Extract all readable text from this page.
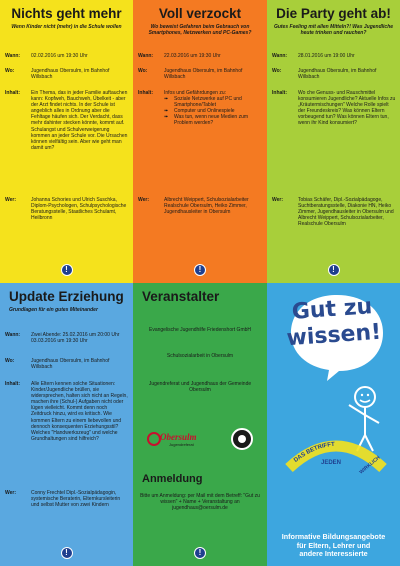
Nichts geht mehr
Wenn Kinder nicht (mehr) in die Schule wollen
Wann:	02.02.2016 um 19:30 Uhr
Wo:	Jugendhaus Obersulm, im Bahnhof Willsbach
Inhalt:	Ein Thema, das in jeder Familie auftauchen kann: Kopfweh, Bauchweh, Übelkeit - aber der Arzt findet nichts. In der Schule ist angeblich alles in Ordnung aber die Fehltage häufen sich. Der Verdacht, dass mehr dahinter stecken könnte, kommt auf. Schulangst und Schulverweigerung kommen an jeder Schule vor. Die Ursachen können vielfältig sein. Aber wie geht man damit um?
Wer:	Johanna Schories und Ulrich Suschka, Diplom-Psychologen, Schulpsychologische Beratungsstelle, Staatliches Schulamt, Heilbronn
!
Voll verzockt
Wo beweist Gefahren beim Gebrauch von Smartphones, Netzwerken und PC-Games?
Wann:	22.03.2016 um 19:30 Uhr
Wo:	Jugendhaus Obersulm, im Bahnhof Willsbach
Inhalt:	Infos und Gefährdungen zu:
➠ Soziale Netzwerke auf PC und Smartphone/Tablet
➠ Computer und Onlinespiele
➠ Was tun, wenn neue Medien zum Problem werden?
Wer:	Albrecht Weippert, Schulsozialarbeiter Realschule Obersulm, Heiko Zimmer, Jugendhausleiter in Obersulm
!
Die Party geht ab!
Gutes Feeling mit allen Mitteln?! Was Jugendliche heute trinken und rauchen?
Wann:	28.01.2016 um 19:00 Uhr
Wo:	Jugendhaus Obersulm, im Bahnhof Willsbach
Inhalt:	Wo che Genuss- und Rauschmittel konsumieren Jugendliche? Aktuelle Infos zu „Kräutermischungen" Welche Rolle spielt der Freundeskreis? Was können Eltern vorbeugend tun? Was können Eltern tun, wenn ihr Kind konsumiert?
Wer:	Tobias Schäfer, Dipl.-Sozialpädagoge, Suchtberatungsstelle, Diakonie HN, Heiko Zimmer, Jugendhausleiter in Obersulm und Albrecht Weippert, Schulsozialarbeiter, Realschule Obersulm
!
Update Erziehung
Grundlagen für ein gutes Miteinander
Wann:	Zwei Abende: 25.02.2016 um 20:00 Uhr 03.03.2016 um 19:30 Uhr
Wo:	Jugendhaus Obersulm, im Bahnhof Willsbach
Inhalt:	Alle Eltern kennen solche Situationen: Kinder/Jugendliche brüllen, sie widersprechen, halten sich nicht an Regeln, machen ihre (Schul-) Aufgaben nicht oder lügen vielleicht. Kommt denn noch Zeitdruck hinzu, wird es kritisch. Wie kommen Eltern zu einem liebevollen und dennoch konsequenten Erziehungsstil? Welches "Handwerkszeug" und welche Grundhaltungen sind hilfreich?
Wer:	Conny Frechtel Dipl.-Sozialpädagogin, systemische Beraterin, Elternkursleiterin und selbst Mutter von zwei Kindern
!
Veranstalter
Evangelische Jugendhilfe Friedenshort GmbH
Schulsozialarbeit in Obersulm
Jugendreferat und Jugendhaus der Gemeinde Obersulm
Obersulm
Jugendreferat
Anmeldung
Bitte um Anmeldung: per Mail mit dem Betreff: "Gut zu wissen" + Name + Veranstaltung an jugendhaus@oersulm.de
!
Gut zu
wissen!
DAS BETRIFFT
JEDEN	WIRKLICH
Informative Bildungsangebote
für Eltern, Lehrer und
andere Interessierte
